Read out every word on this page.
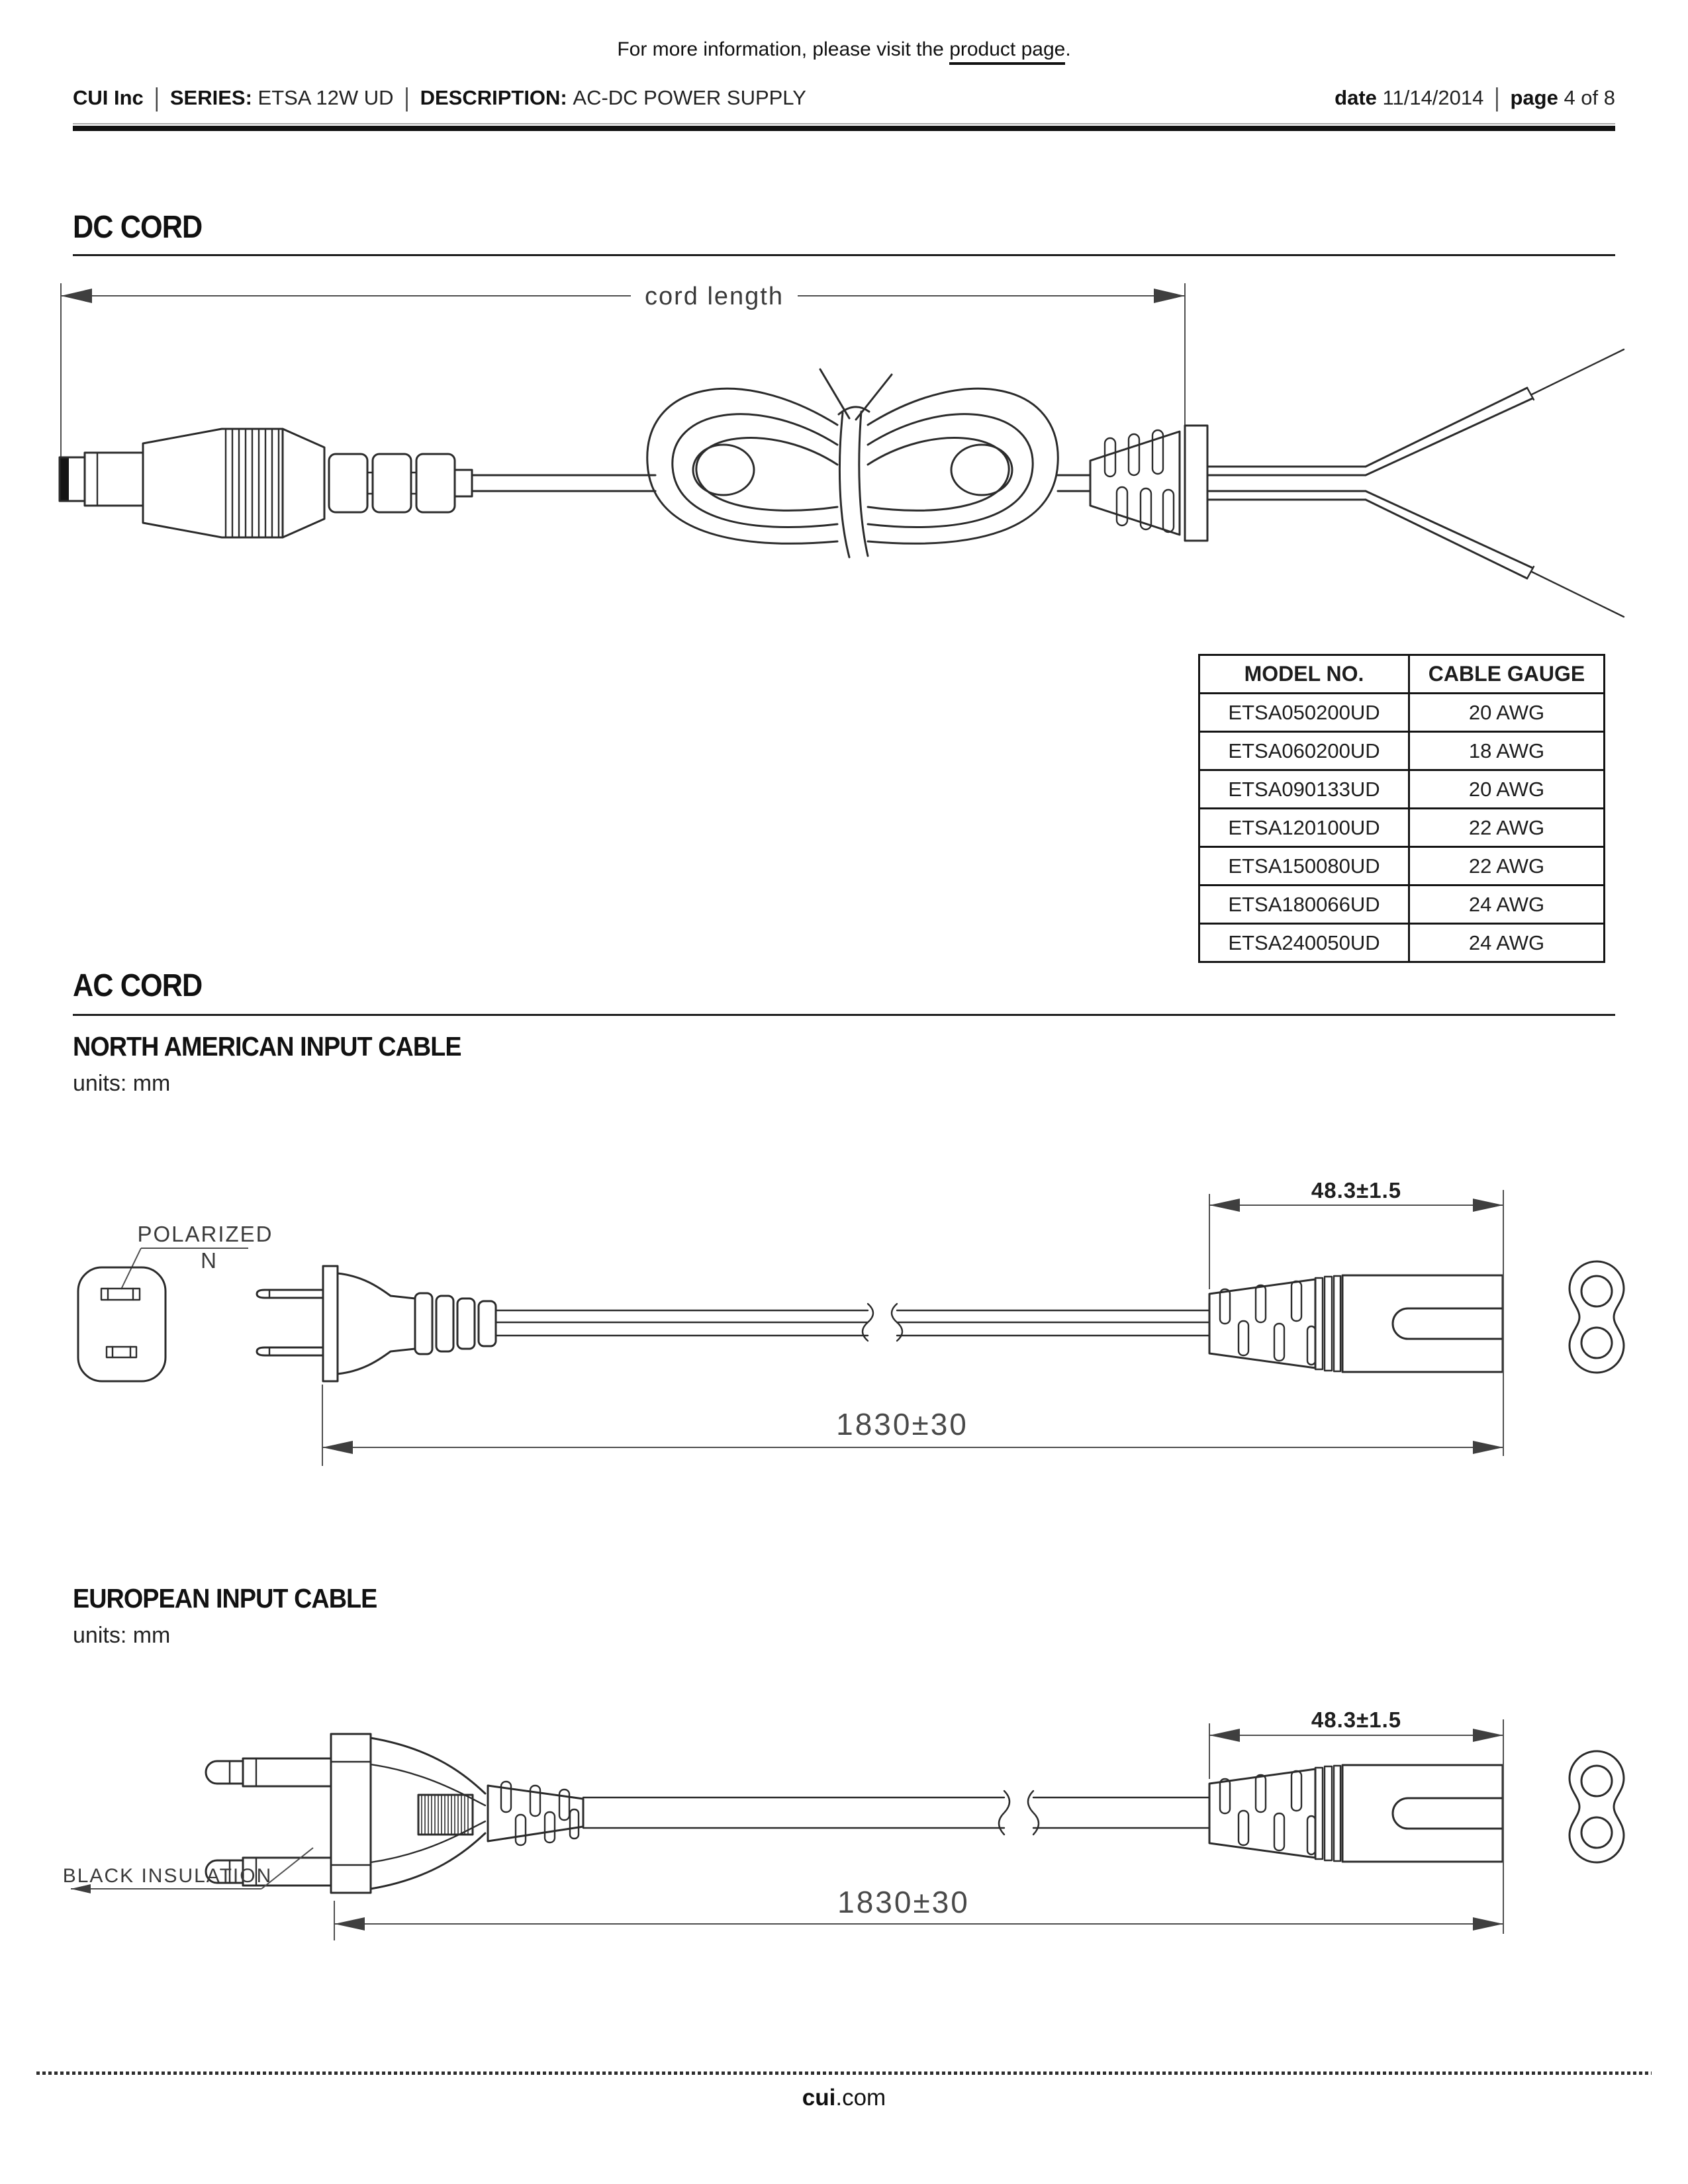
For more information, please visit the product page.
CUI Inc | SERIES: ETSA 12W UD | DESCRIPTION: AC-DC POWER SUPPLY	date 11/14/2014 | page 4 of 8
DC CORD
cord length
MODEL NO.	CABLE GAUGE
ETSA050200UD	20 AWG
ETSA060200UD	18 AWG
ETSA090133UD	20 AWG
ETSA120100UD	22 AWG
ETSA150080UD	22 AWG
ETSA180066UD	24 AWG
ETSA240050UD	24 AWG
AC CORD
NORTH AMERICAN INPUT CABLE
units: mm
POLARIZED
N
48.3±1.5
1830±30
EUROPEAN INPUT CABLE
units: mm
BLACK INSULATION
48.3±1.5
1830±30
cui.com
